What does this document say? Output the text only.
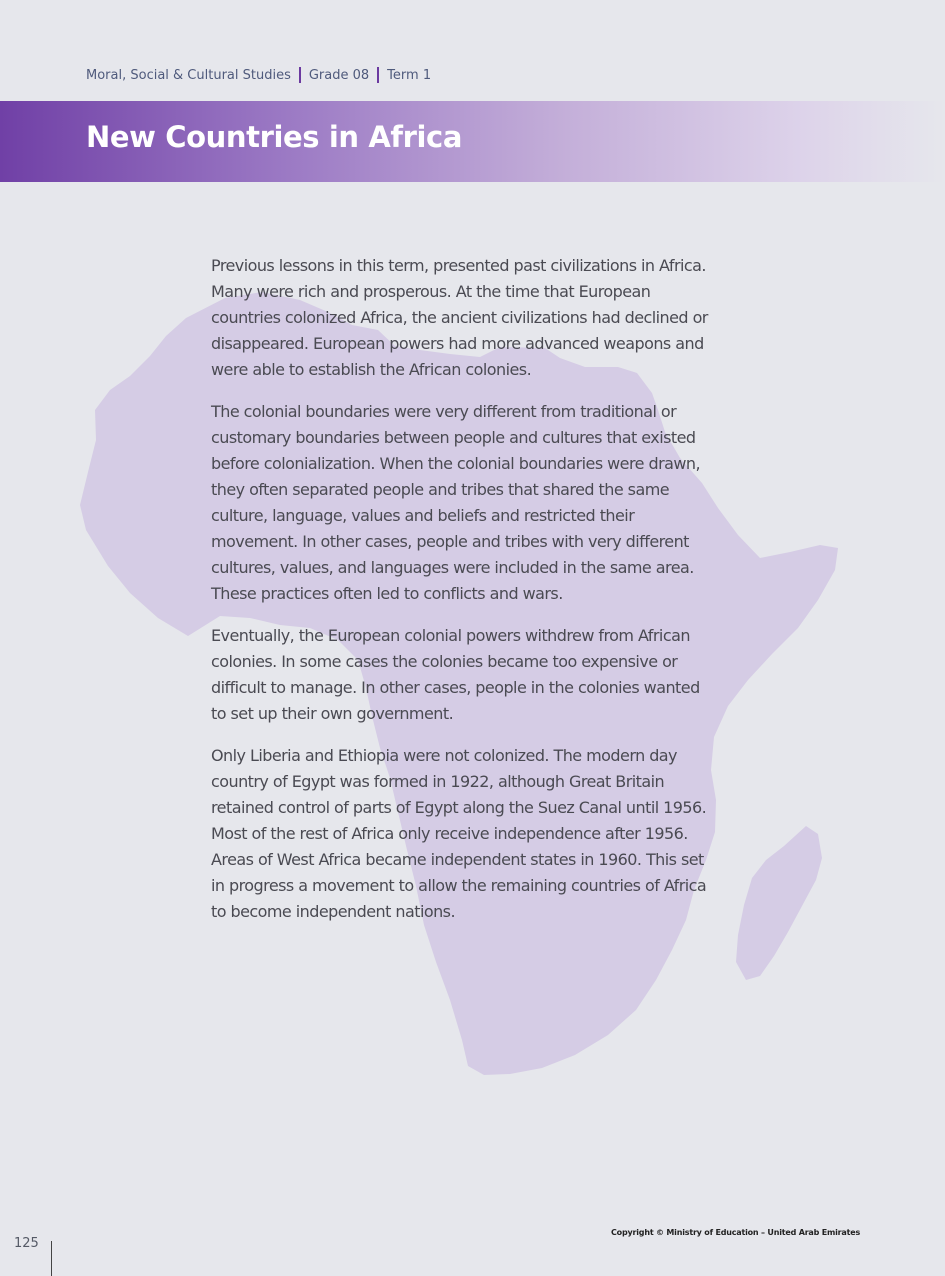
Moral, Social & Cultural Studies Grade 08 Term 1
New Countries in Africa

Previous lessons in this term, presented past civilizations in Africa. Many were rich and prosperous. At the time that European countries colonized Africa, the ancient civilizations had declined or disappeared. European powers had more advanced weapons and were able to establish the African colonies.

The colonial boundaries were very different from traditional or customary boundaries between people and cultures that existed before colonialization. When the colonial boundaries were drawn, they often separated people and tribes that shared the same culture, language, values and beliefs and restricted their movement. In other cases, people and tribes with very different cultures, values, and languages were included in the same area. These practices often led to conflicts and wars.

Eventually, the European colonial powers withdrew from African colonies. In some cases the colonies became too expensive or difficult to manage. In other cases, people in the colonies wanted to set up their own government.

Only Liberia and Ethiopia were not colonized. The modern day country of Egypt was formed in 1922, although Great Britain retained control of parts of Egypt along the Suez Canal until 1956. Most of the rest of Africa only receive independence after 1956. Areas of West Africa became independent states in 1960. This set in progress a movement to allow the remaining countries of Africa to become independent nations.

Copyright © Ministry of Education – United Arab Emirates
125
